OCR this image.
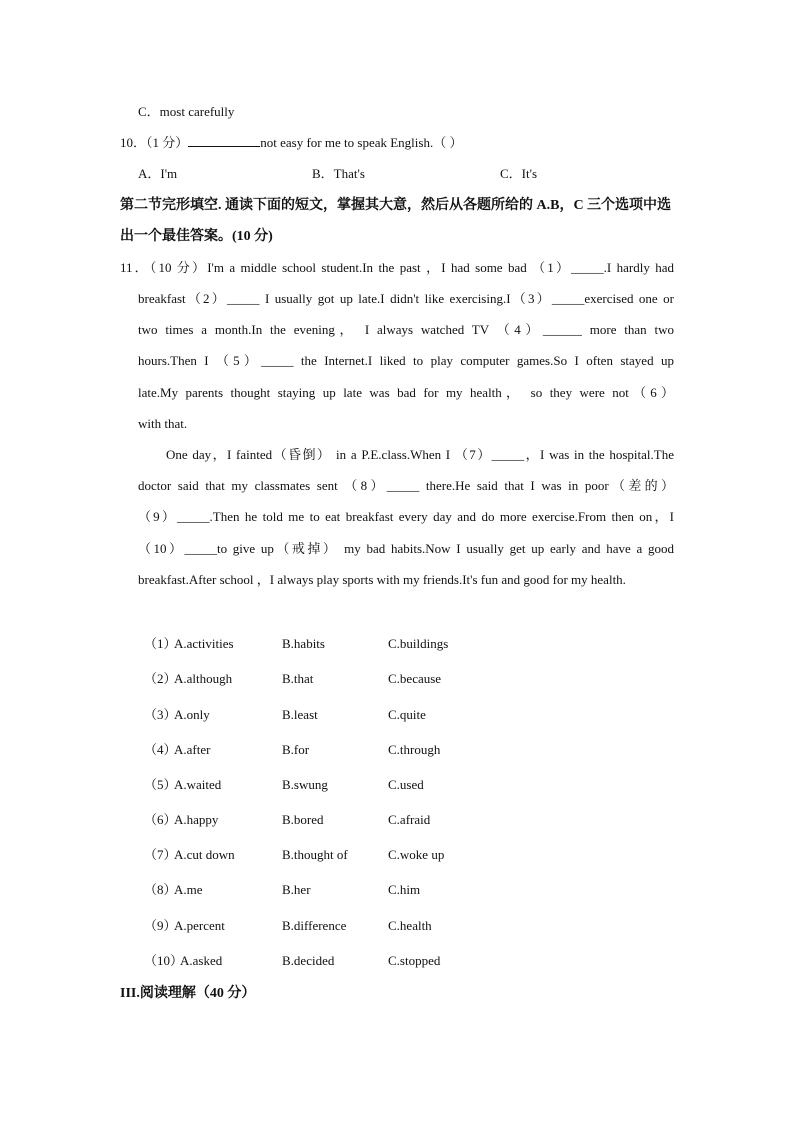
C．most carefully
10．（1 分）	not easy for me to speak English.（ ）
A．I'm	B．That's	C．It's
第二节完形填空. 通读下面的短文，掌握其大意，然后从各题所给的 A.B，C 三个选项中选
出一个最佳答案。(10 分)
11．（10 分）I'm a middle school student.In the past ，I had some bad （1）_____.I hardly had
breakfast（2）_____ I usually got up late.I didn't like exercising.I（3）_____exercised one or
two times a month.In the evening， I always watched TV （4）______ more than two
hours.Then I （5）_____ the Internet.I liked to play computer games.So I often stayed up
late.My parents thought staying up late was bad for my health， so they were not（6）
with that.
One day，I fainted（昏倒） in a P.E.class.When I （7）_____，I was in the hospital.The
doctor said that my classmates sent （8）_____ there.He said that I was in poor（差的）
（9）_____.Then he told me to eat breakfast every day and do more exercise.From then on，I
（10）_____to give up（戒掉） my bad habits.Now I usually get up early and have a good
breakfast.After school ，I always play sports with my friends.It's fun and good for my health.
（1）
A.activities	B.habits	C.buildings
（2）
A.although	B.that	C.because
（3）
A.only	B.least	C.quite
（4）
A.after	B.for	C.through
（5）
A.waited	B.swung	C.used
（6）
A.happy	B.bored	C.afraid
（7）
A.cut down	B.thought of	C.woke up
（8）
A.me	B.her	C.him
（9）
A.percent	B.difference	C.health
（10）
A.asked	B.decided	C.stopped
III.阅读理解（40 分）
